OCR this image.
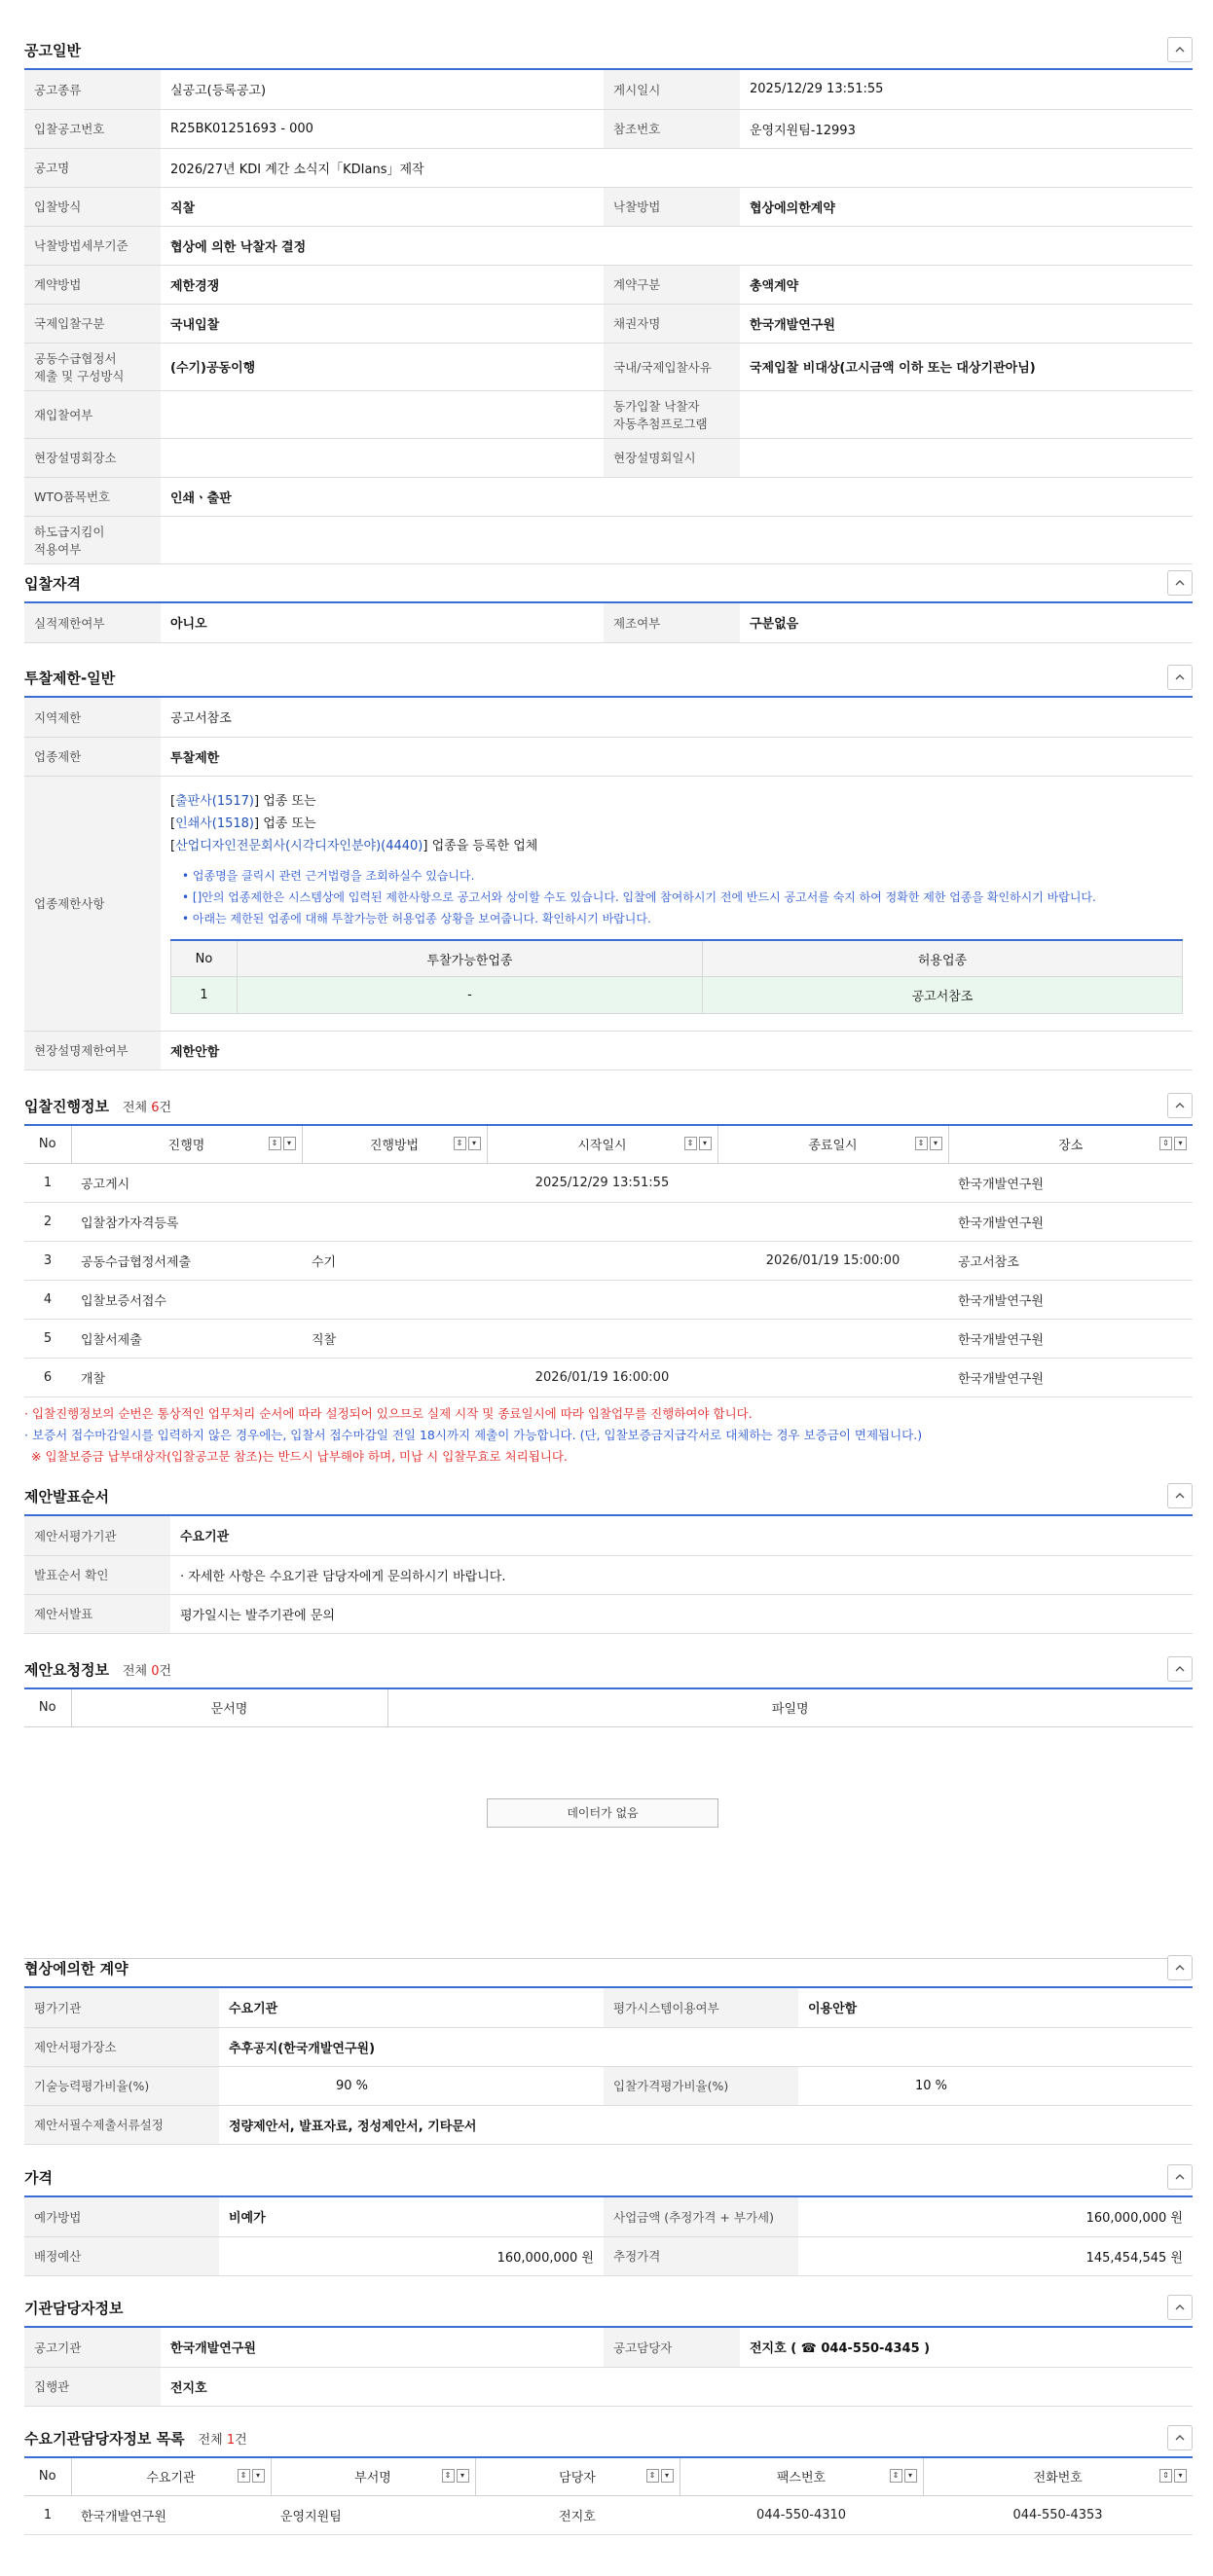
공고일반
공고종류	실공고(등록공고)	게시일시	2025/12/29 13:51:55
입찰공고번호	R25BK01251693 - 000	참조번호	운영지원팀-12993
공고명	2026/27년 KDI 계간 소식지「KDIans」제작		
입찰방식	직찰	낙찰방법	협상에의한계약
낙찰방법세부기준	협상에 의한 낙찰자 결정		
계약방법	제한경쟁	계약구분	총액계약
국제입찰구분	국내입찰	채권자명	한국개발연구원
공동수급협정서
제출 및 구성방식	(수기)공동이행	국내/국제입찰사유	국제입찰 비대상(고시금액 이하 또는 대상기관아님)
재입찰여부		동가입찰 낙찰자
자동추첨프로그램	
현장설명회장소		현장설명회일시	
WTO품목번호	인쇄ㆍ출판		
하도급지킴이
적용여부			
입찰자격
실적제한여부	아니오	제조여부	구분없음
투찰제한-일반
지역제한	공고서참조
업종제한	투찰제한
업종제한사항	
[출판사(1517)] 업종 또는
[인쇄사(1518)] 업종 또는
[산업디자인전문회사(시각디자인분야)(4440)] 업종을 등록한 업체
• 업종명을 클릭시 관련 근거법령을 조회하실수 있습니다.
• []안의 업종제한은 시스템상에 입력된 제한사항으로 공고서와 상이할 수도 있습니다. 입찰에 참여하시기 전에 반드시 공고서를 숙지 하여 정확한 제한 업종을 확인하시기 바랍니다.
• 아래는 제한된 업종에 대해 투찰가능한 허용업종 상황을 보여줍니다. 확인하시기 바랍니다.
No	투찰가능한업종	허용업종
1	-	공고서참조

현장설명제한여부	제한안함
입찰진행정보 전체 6건
No	진행명 ⇕ ▾	진행방법 ⇕ ▾	시작일시 ⇕ ▾	종료일시 ⇕ ▾	장소 ⇕ ▾

1	공고게시		2025/12/29 13:51:55		한국개발연구원
2	입찰참가자격등록				한국개발연구원
3	공동수급협정서제출	수기		2026/01/19 15:00:00	공고서참조
4	입찰보증서접수				한국개발연구원
5	입찰서제출	직찰			한국개발연구원
6	개찰		2026/01/19 16:00:00		한국개발연구원
· 입찰진행정보의 순번은 통상적인 업무처리 순서에 따라 설정되어 있으므로 실제 시작 및 종료일시에 따라 입찰업무를 진행하여야 합니다.
· 보증서 접수마감일시를 입력하지 않은 경우에는, 입찰서 접수마감일 전일 18시까지 제출이 가능합니다. (단, 입찰보증금지급각서로 대체하는 경우 보증금이 면제됩니다.)
※ 입찰보증금 납부대상자(입찰공고문 참조)는 반드시 납부해야 하며, 미납 시 입찰무효로 처리됩니다.
제안발표순서
제안서평가기관	수요기관
발표순서 확인	· 자세한 사항은 수요기관 담당자에게 문의하시기 바랍니다.
제안서발표	평가일시는 발주기관에 문의
제안요청정보 전체 0건
No	문서명	파일명
데이터가 없음
협상에의한 계약
평가기관	수요기관	평가시스템이용여부	이용안함
제안서평가장소	추후공지(한국개발연구원)		
기술능력평가비율(%)	90 %	입찰가격평가비율(%)	10 %
제안서필수제출서류설정	정량제안서, 발표자료, 정성제안서, 기타문서		
가격
예가방법	비예가	사업금액 (추정가격 + 부가세)	160,000,000 원
배정예산	160,000,000 원	추정가격	145,454,545 원
기관담당자정보
공고기관	한국개발연구원	공고담당자	전지호 ( ☎ 044-550-4345 )
집행관	전지호		
수요기관담당자정보 목록 전체 1건
No	수요기관 ⇕ ▾	부서명 ⇕ ▾	담당자 ⇕ ▾	팩스번호 ⇕ ▾	전화번호 ⇕ ▾

1	한국개발연구원	운영지원팀	전지호	044-550-4310	044-550-4353
